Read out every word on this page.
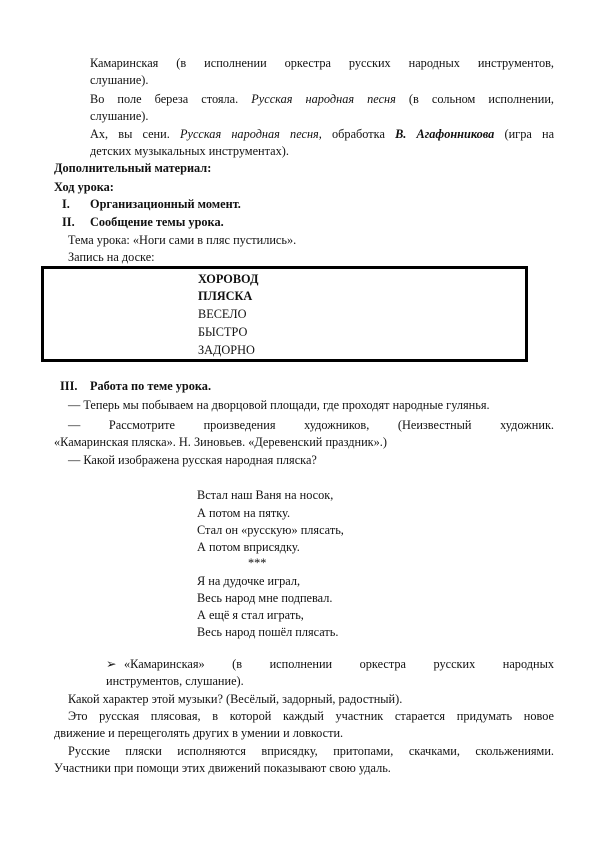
Камаринская (в исполнении оркестра русских народных инструментов,
слушание).
Во поле береза стояла. Русская народная песня (в сольном исполнении,
слушание).
Ах, вы сени. Русская народная песня, обработка В. Агафонникова (игра на
детских музыкальных инструментах).
Дополнительный материал:
Ход урока:
I. Организационный момент.
II. Сообщение темы урока.
Тема урока: «Ноги сами в пляс пустились».
Запись на доске:
ХОРОВОД
ПЛЯСКА
ВЕСЕЛО
БЫСТРО
ЗАДОРНО
III. Работа по теме урока.
— Теперь мы побываем на дворцовой площади, где проходят народные гулянья.
— Рассмотрите произведения художников, (Неизвестный художник.
«Камаринская пляска». Н. Зиновьев. «Деревенский праздник».)
— Какой изображена русская народная пляска?
Встал наш Ваня на носок,
А потом на пятку.
Стал он «русскую» плясать,
А потом вприсядку.
***
Я на дудочке играл,
Весь народ мне подпевал.
А ещё я стал играть,
Весь народ пошёл плясать.
➢ «Камаринская» (в исполнении оркестра русских народных
инструментов, слушание).
Какой характер этой музыки? (Весёлый, задорный, радостный).
Это русская плясовая, в которой каждый участник старается придумать новое
движение и перещеголять других в умении и ловкости.
Русские пляски исполняются вприсядку, притопами, скачками, скольжениями.
Участники при помощи этих движений показывают свою удаль.
